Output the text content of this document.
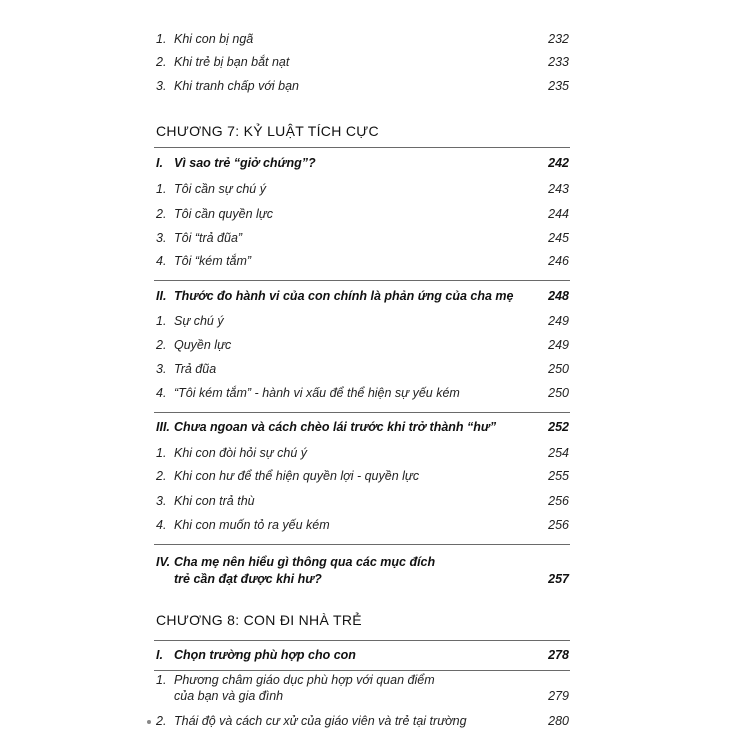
1. Khi con bị ngã	232
2. Khi trẻ bị bạn bắt nạt	233
3. Khi tranh chấp với bạn	235
CHƯƠNG 7: KỶ LUẬT TÍCH CỰC
I. Vì sao trẻ “giở chứng”?	242
1. Tôi cần sự chú ý	243
2. Tôi cần quyền lực	244
3. Tôi “trả đũa”	245
4. Tôi “kém tắm”	246
II. Thước đo hành vi của con chính là phản ứng của cha mẹ	248
1. Sự chú ý	249
2. Quyền lực	249
3. Trả đũa	250
4. “Tôi kém tắm” - hành vi xấu để thể hiện sự yếu kém	250
III. Chưa ngoan và cách chèo lái trước khi trở thành “hư”	252
1. Khi con đòi hỏi sự chú ý	254
2. Khi con hư để thể hiện quyền lợi - quyền lực	255
3. Khi con trả thù	256
4. Khi con muốn tỏ ra yếu kém	256
IV. Cha mẹ nên hiểu gì thông qua các mục đích
trẻ cần đạt được khi hư?	257
CHƯƠNG 8: CON ĐI NHÀ TRẺ
I. Chọn trường phù hợp cho con	278
1. Phương châm giáo dục phù hợp với quan điểm
của bạn và gia đình	279
2. Thái độ và cách cư xử của giáo viên và trẻ tại trường	280
